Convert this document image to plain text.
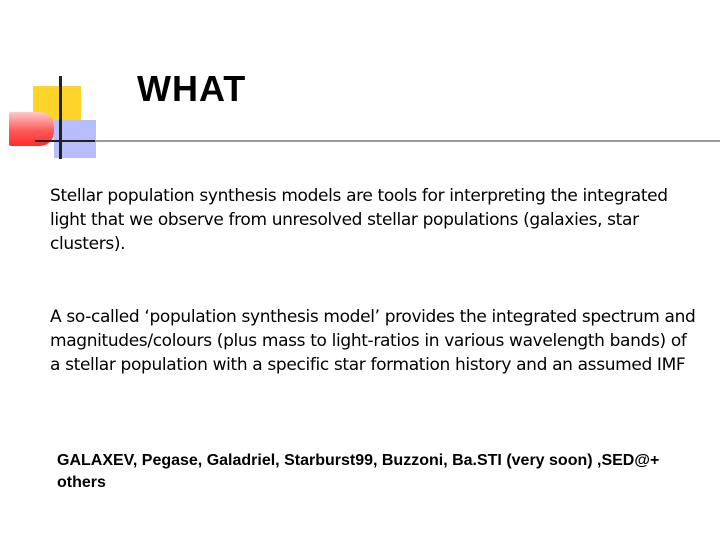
WHAT

Stellar population synthesis models are tools for interpreting the integrated light that we observe from unresolved stellar populations (galaxies, star clusters).

A so-called ‘population synthesis model’ provides the integrated spectrum and magnitudes/colours (plus mass to light-ratios in various wavelength bands) of a stellar population with a specific star formation history and an assumed IMF

GALAXEV, Pegase, Galadriel, Starburst99, Buzzoni, Ba.STI (very soon) ,SED@+ others
